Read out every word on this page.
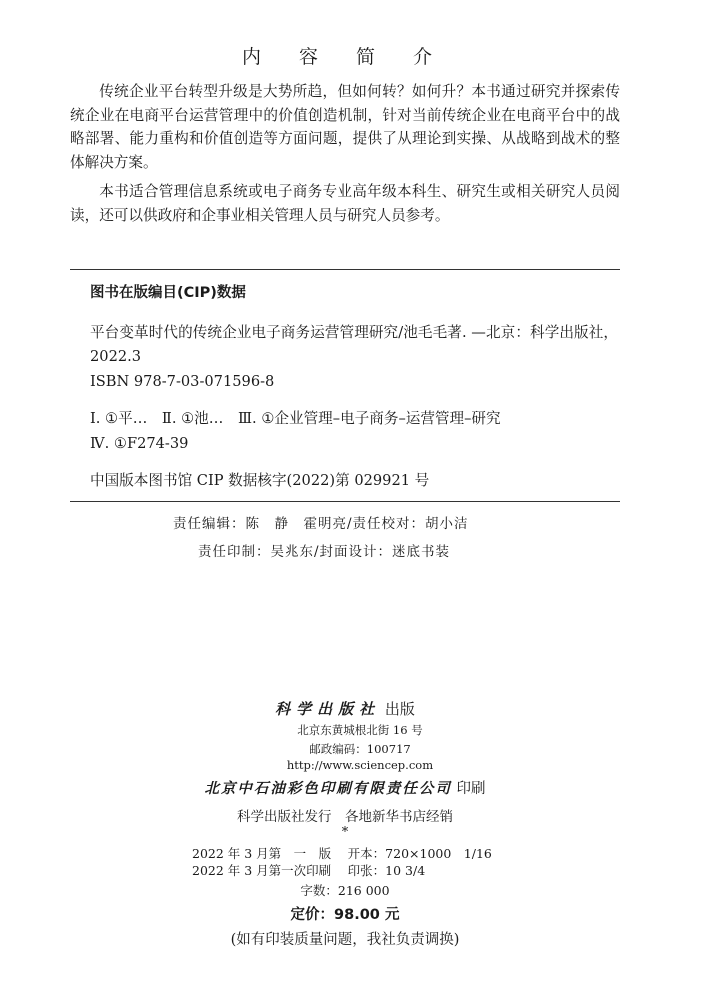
内 容 简 介

传统企业平台转型升级是大势所趋，但如何转？如何升？本书通过研究并探索传统企业在电商平台运营管理中的价值创造机制，针对当前传统企业在电商平台中的战略部署、能力重构和价值创造等方面问题，提供了从理论到实操、从战略到战术的整体解决方案。

本书适合管理信息系统或电子商务专业高年级本科生、研究生或相关研究人员阅读，还可以供政府和企事业相关管理人员与研究人员参考。

图书在版编目(CIP)数据

平台变革时代的传统企业电子商务运营管理研究/池毛毛著. —北京：科学出版社，2022.3

ISBN 978-7-03-071596-8

Ⅰ. ①平…　Ⅱ. ①池…　Ⅲ. ①企业管理–电子商务–运营管理–研究

Ⅳ. ①F274-39

中国版本图书馆 CIP 数据核字(2022)第 029921 号

责任编辑：陈　静　霍明亮/责任校对：胡小洁
责任印制：吴兆东/封面设计：迷底书装
科学出版社 出版
北京东黄城根北街 16 号
邮政编码：100717
http://www.sciencep.com
北京中石油彩色印刷有限责任公司 印刷
科学出版社发行　各地新华书店经销
*
2022 年 3 月第　一　版　 开本：720×1000　1/16
2022 年 3 月第一次印刷　 印张：10 3/4
字数：216 000
定价：98.00 元
(如有印装质量问题，我社负责调换)
